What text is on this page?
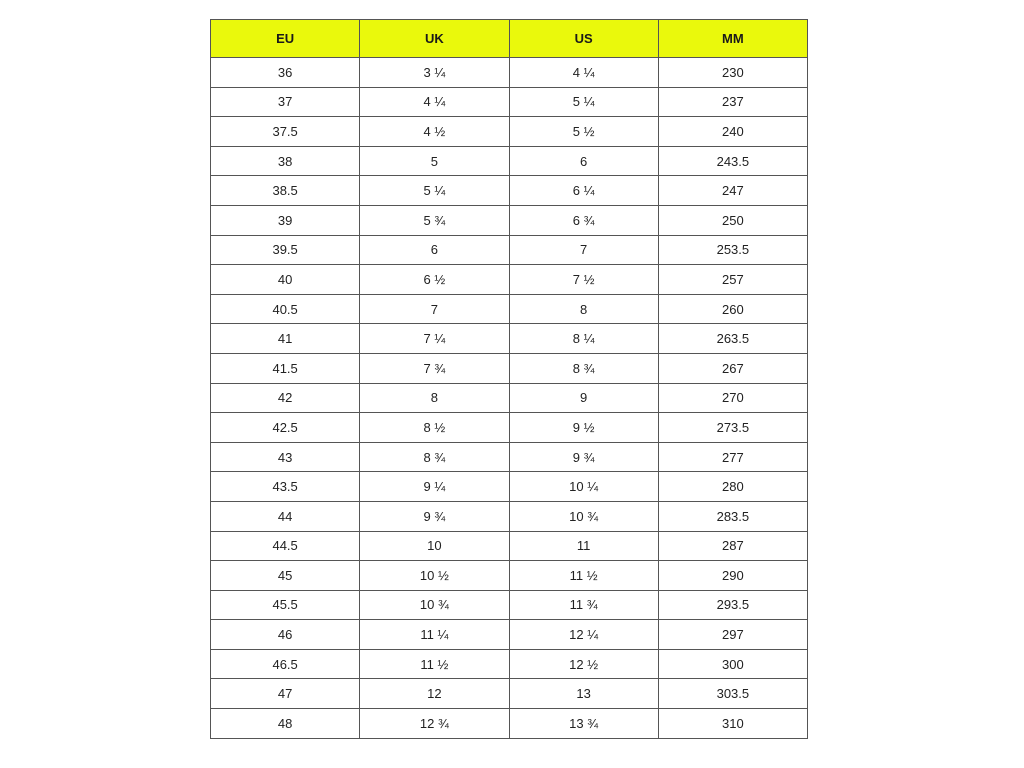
EU	UK	US	MM
36	3 ¼	4 ¼	230
37	4 ¼	5 ¼	237
37.5	4 ½	5 ½	240
38	5	6	243.5
38.5	5 ¼	6 ¼	247
39	5 ¾	6 ¾	250
39.5	6	7	253.5
40	6 ½	7 ½	257
40.5	7	8	260
41	7 ¼	8 ¼	263.5
41.5	7 ¾	8 ¾	267
42	8	9	270
42.5	8 ½	9 ½	273.5
43	8 ¾	9 ¾	277
43.5	9 ¼	10 ¼	280
44	9 ¾	10 ¾	283.5
44.5	10	11	287
45	10 ½	11 ½	290
45.5	10 ¾	11 ¾	293.5
46	11 ¼	12 ¼	297
46.5	11 ½	12 ½	300
47	12	13	303.5
48	12 ¾	13 ¾	310
